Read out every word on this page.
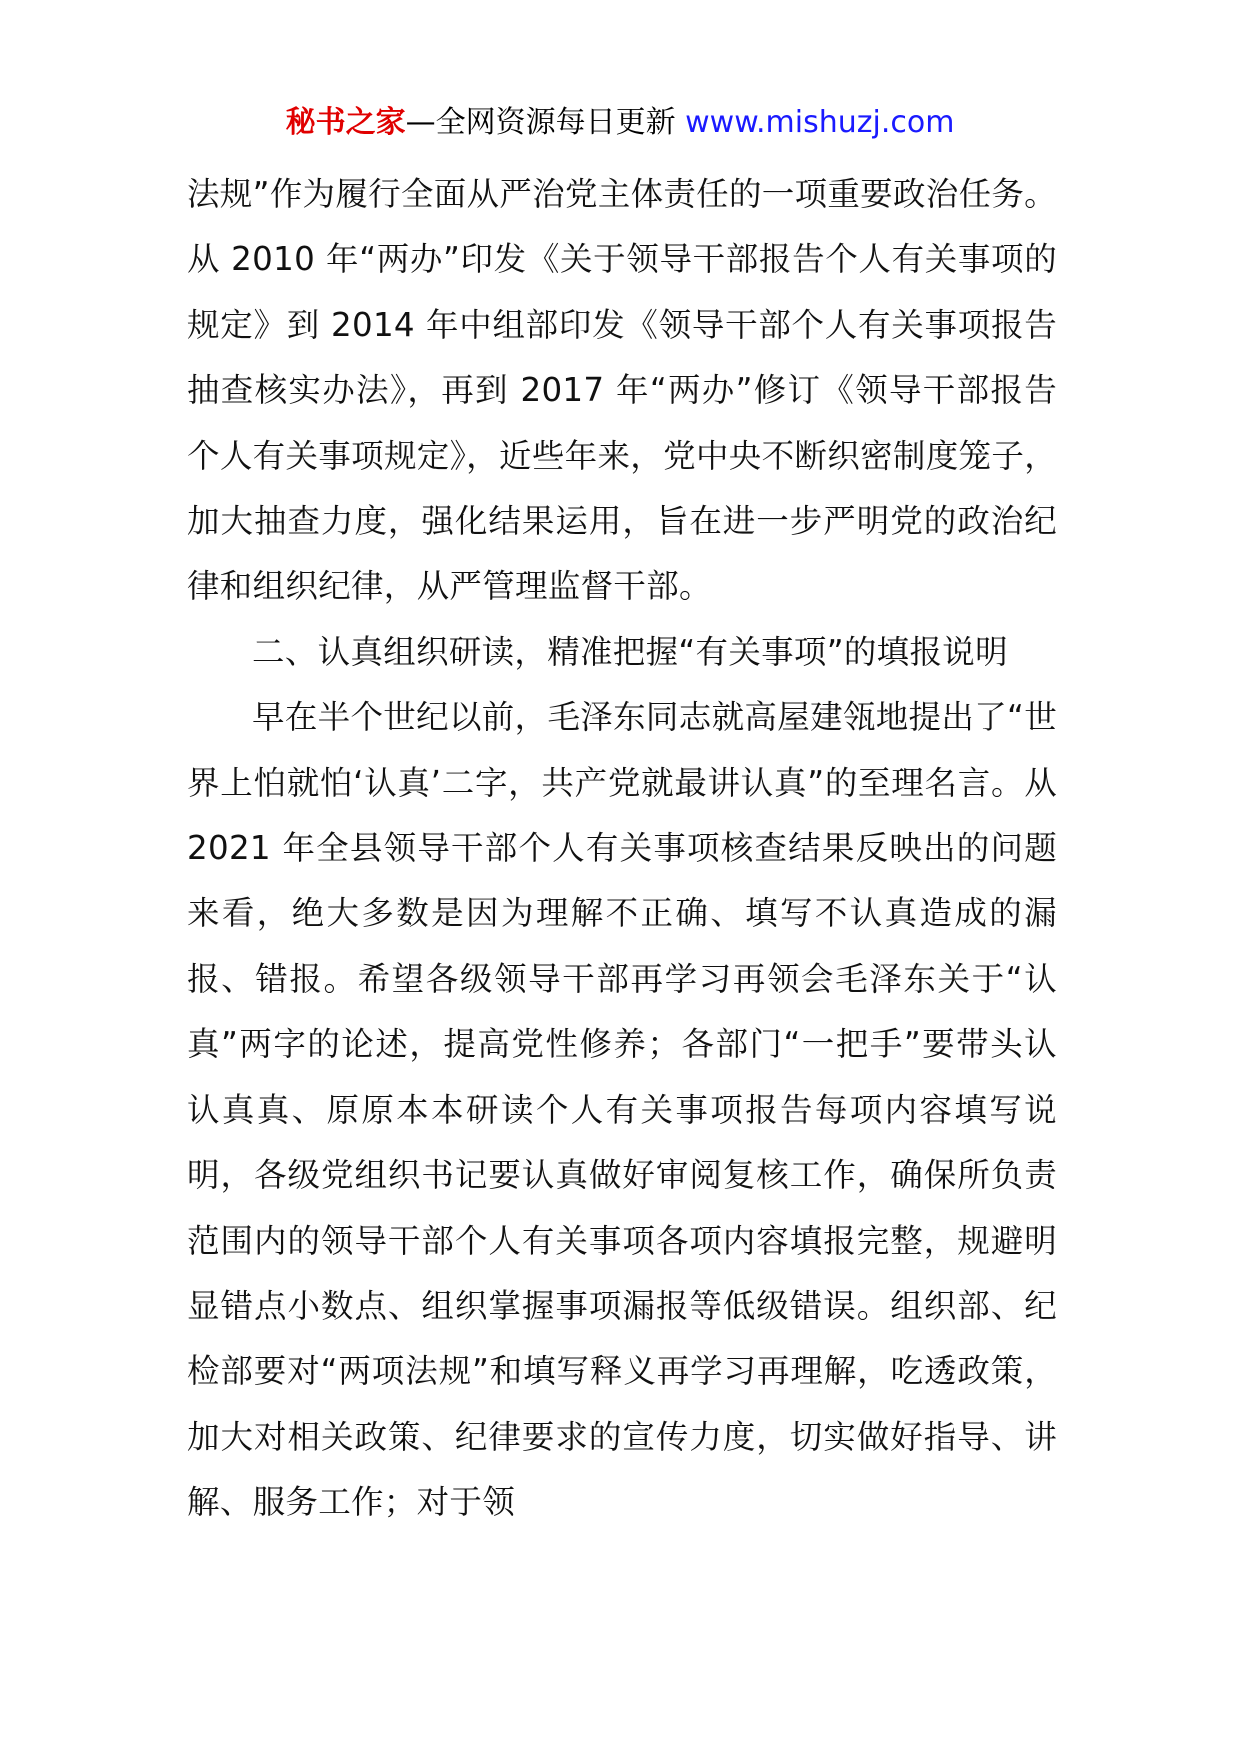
秘书之家—全网资源每日更新 www.mishuzj.com

法规”作为履行全面从严治党主体责任的一项重要政治任务。从 2010 年“两办”印发《关于领导干部报告个人有关事项的规定》到 2014 年中组部印发《领导干部个人有关事项报告抽查核实办法》，再到 2017 年“两办”修订《领导干部报告个人有关事项规定》，近些年来，党中央不断织密制度笼子，加大抽查力度，强化结果运用，旨在进一步严明党的政治纪律和组织纪律，从严管理监督干部。

二、认真组织研读，精准把握“有关事项”的填报说明

早在半个世纪以前，毛泽东同志就高屋建瓴地提出了“世界上怕就怕‘认真’二字，共产党就最讲认真”的至理名言。从 2021 年全县领导干部个人有关事项核查结果反映出的问题来看，绝大多数是因为理解不正确、填写不认真造成的漏报、错报。希望各级领导干部再学习再领会毛泽东关于“认真”两字的论述，提高党性修养；各部门“一把手”要带头认认真真、原原本本研读个人有关事项报告每项内容填写说明，各级党组织书记要认真做好审阅复核工作，确保所负责范围内的领导干部个人有关事项各项内容填报完整，规避明显错点小数点、组织掌握事项漏报等低级错误。组织部、纪检部要对“两项法规”和填写释义再学习再理解，吃透政策，加大对相关政策、纪律要求的宣传力度，切实做好指导、讲解、服务工作；对于领
